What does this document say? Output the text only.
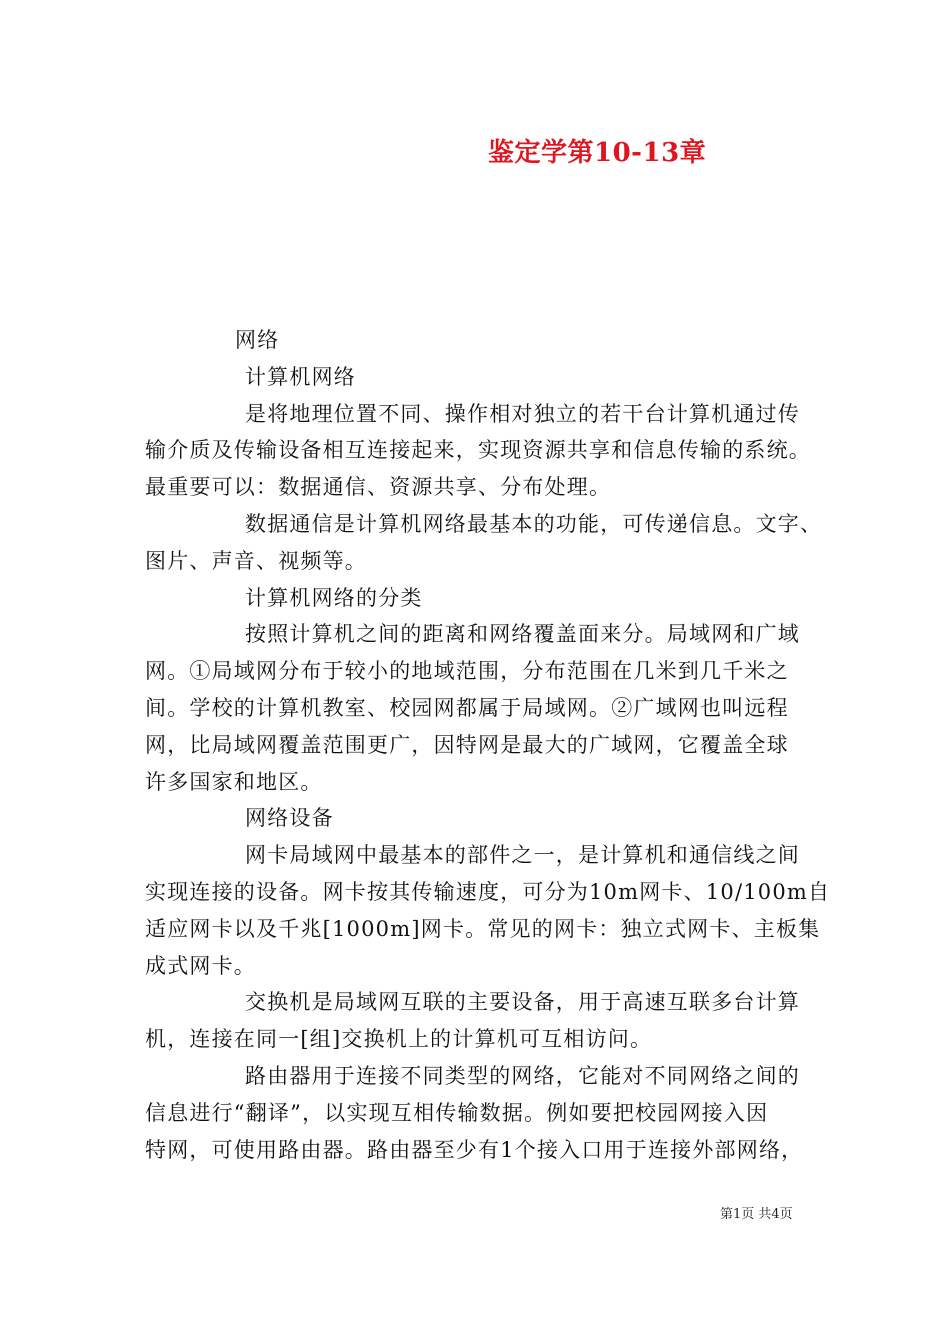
鉴定学第10-13章

网络

计算机网络

是将地理位置不同、操作相对独立的若干台计算机通过传

输介质及传输设备相互连接起来，实现资源共享和信息传输的系统。

最重要可以：数据通信、资源共享、分布处理。

数据通信是计算机网络最基本的功能，可传递信息。文字、

图片、声音、视频等。

计算机网络的分类

按照计算机之间的距离和网络覆盖面来分。局域网和广域

网。①局域网分布于较小的地域范围，分布范围在几米到几千米之

间。学校的计算机教室、校园网都属于局域网。②广域网也叫远程

网，比局域网覆盖范围更广，因特网是最大的广域网，它覆盖全球

许多国家和地区。

网络设备

网卡局域网中最基本的部件之一，是计算机和通信线之间

实现连接的设备。网卡按其传输速度，可分为10m网卡、10/100m自

适应网卡以及千兆[1000m]网卡。常见的网卡：独立式网卡、主板集

成式网卡。

交换机是局域网互联的主要设备，用于高速互联多台计算

机，连接在同一[组]交换机上的计算机可互相访问。

路由器用于连接不同类型的网络，它能对不同网络之间的

信息进行“翻译”，以实现互相传输数据。例如要把校园网接入因

特网，可使用路由器。路由器至少有1个接入口用于连接外部网络，

第1页 共4页
